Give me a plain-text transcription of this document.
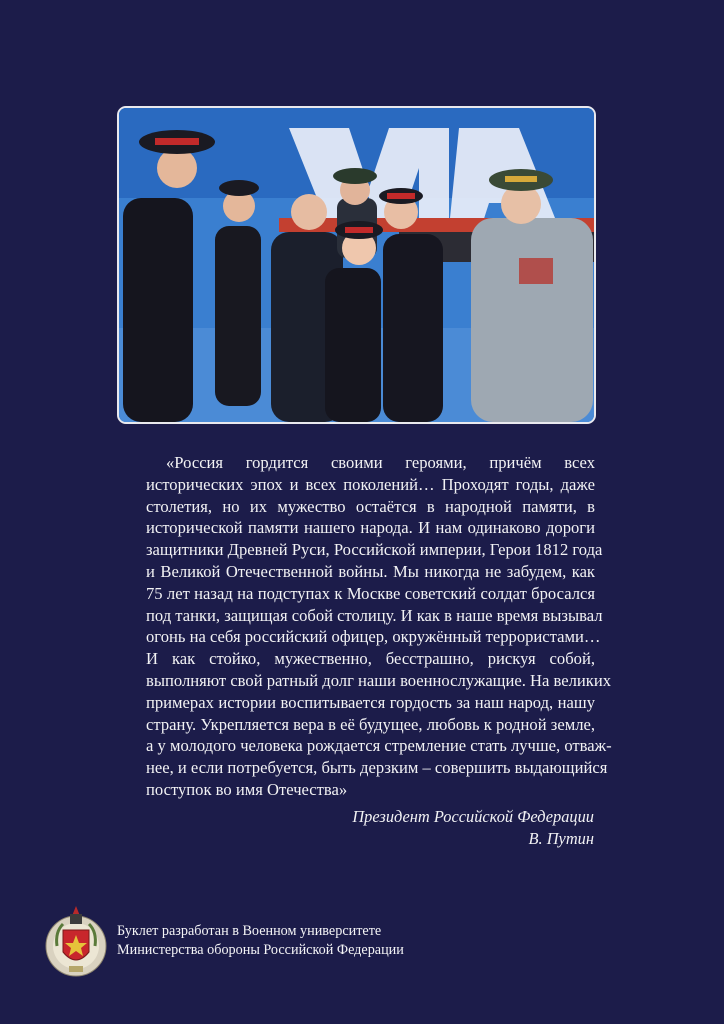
«Россия гордится своими героями, причём всех
исторических эпох и всех поколений… Проходят годы, даже
столетия, но их мужество остаётся в народной памяти, в
исторической памяти нашего народа. И нам одинаково дороги
защитники Древней Руси, Российской империи, Герои 1812 года
и Великой Отечественной войны. Мы никогда не забудем, как
75 лет назад на подступах к Москве советский солдат бросался
под танки, защищая собой столицу. И как в наше время вызывал
огонь на себя российский офицер, окружённый террористами…
И как стойко, мужественно, бесстрашно, рискуя собой,
выполняют свой ратный долг наши военнослужащие. На великих
примерах истории воспитывается гордость за наш народ, нашу
страну. Укрепляется вера в её будущее, любовь к родной земле,
а у молодого человека рождается стремление стать лучше, отваж-
нее, и если потребуется, быть дерзким – совершить выдающийся
поступок во имя Отечества»
Президент Российской Федерации
В. Путин
Буклет разработан в Военном университете
Министерства обороны Российской Федерации
